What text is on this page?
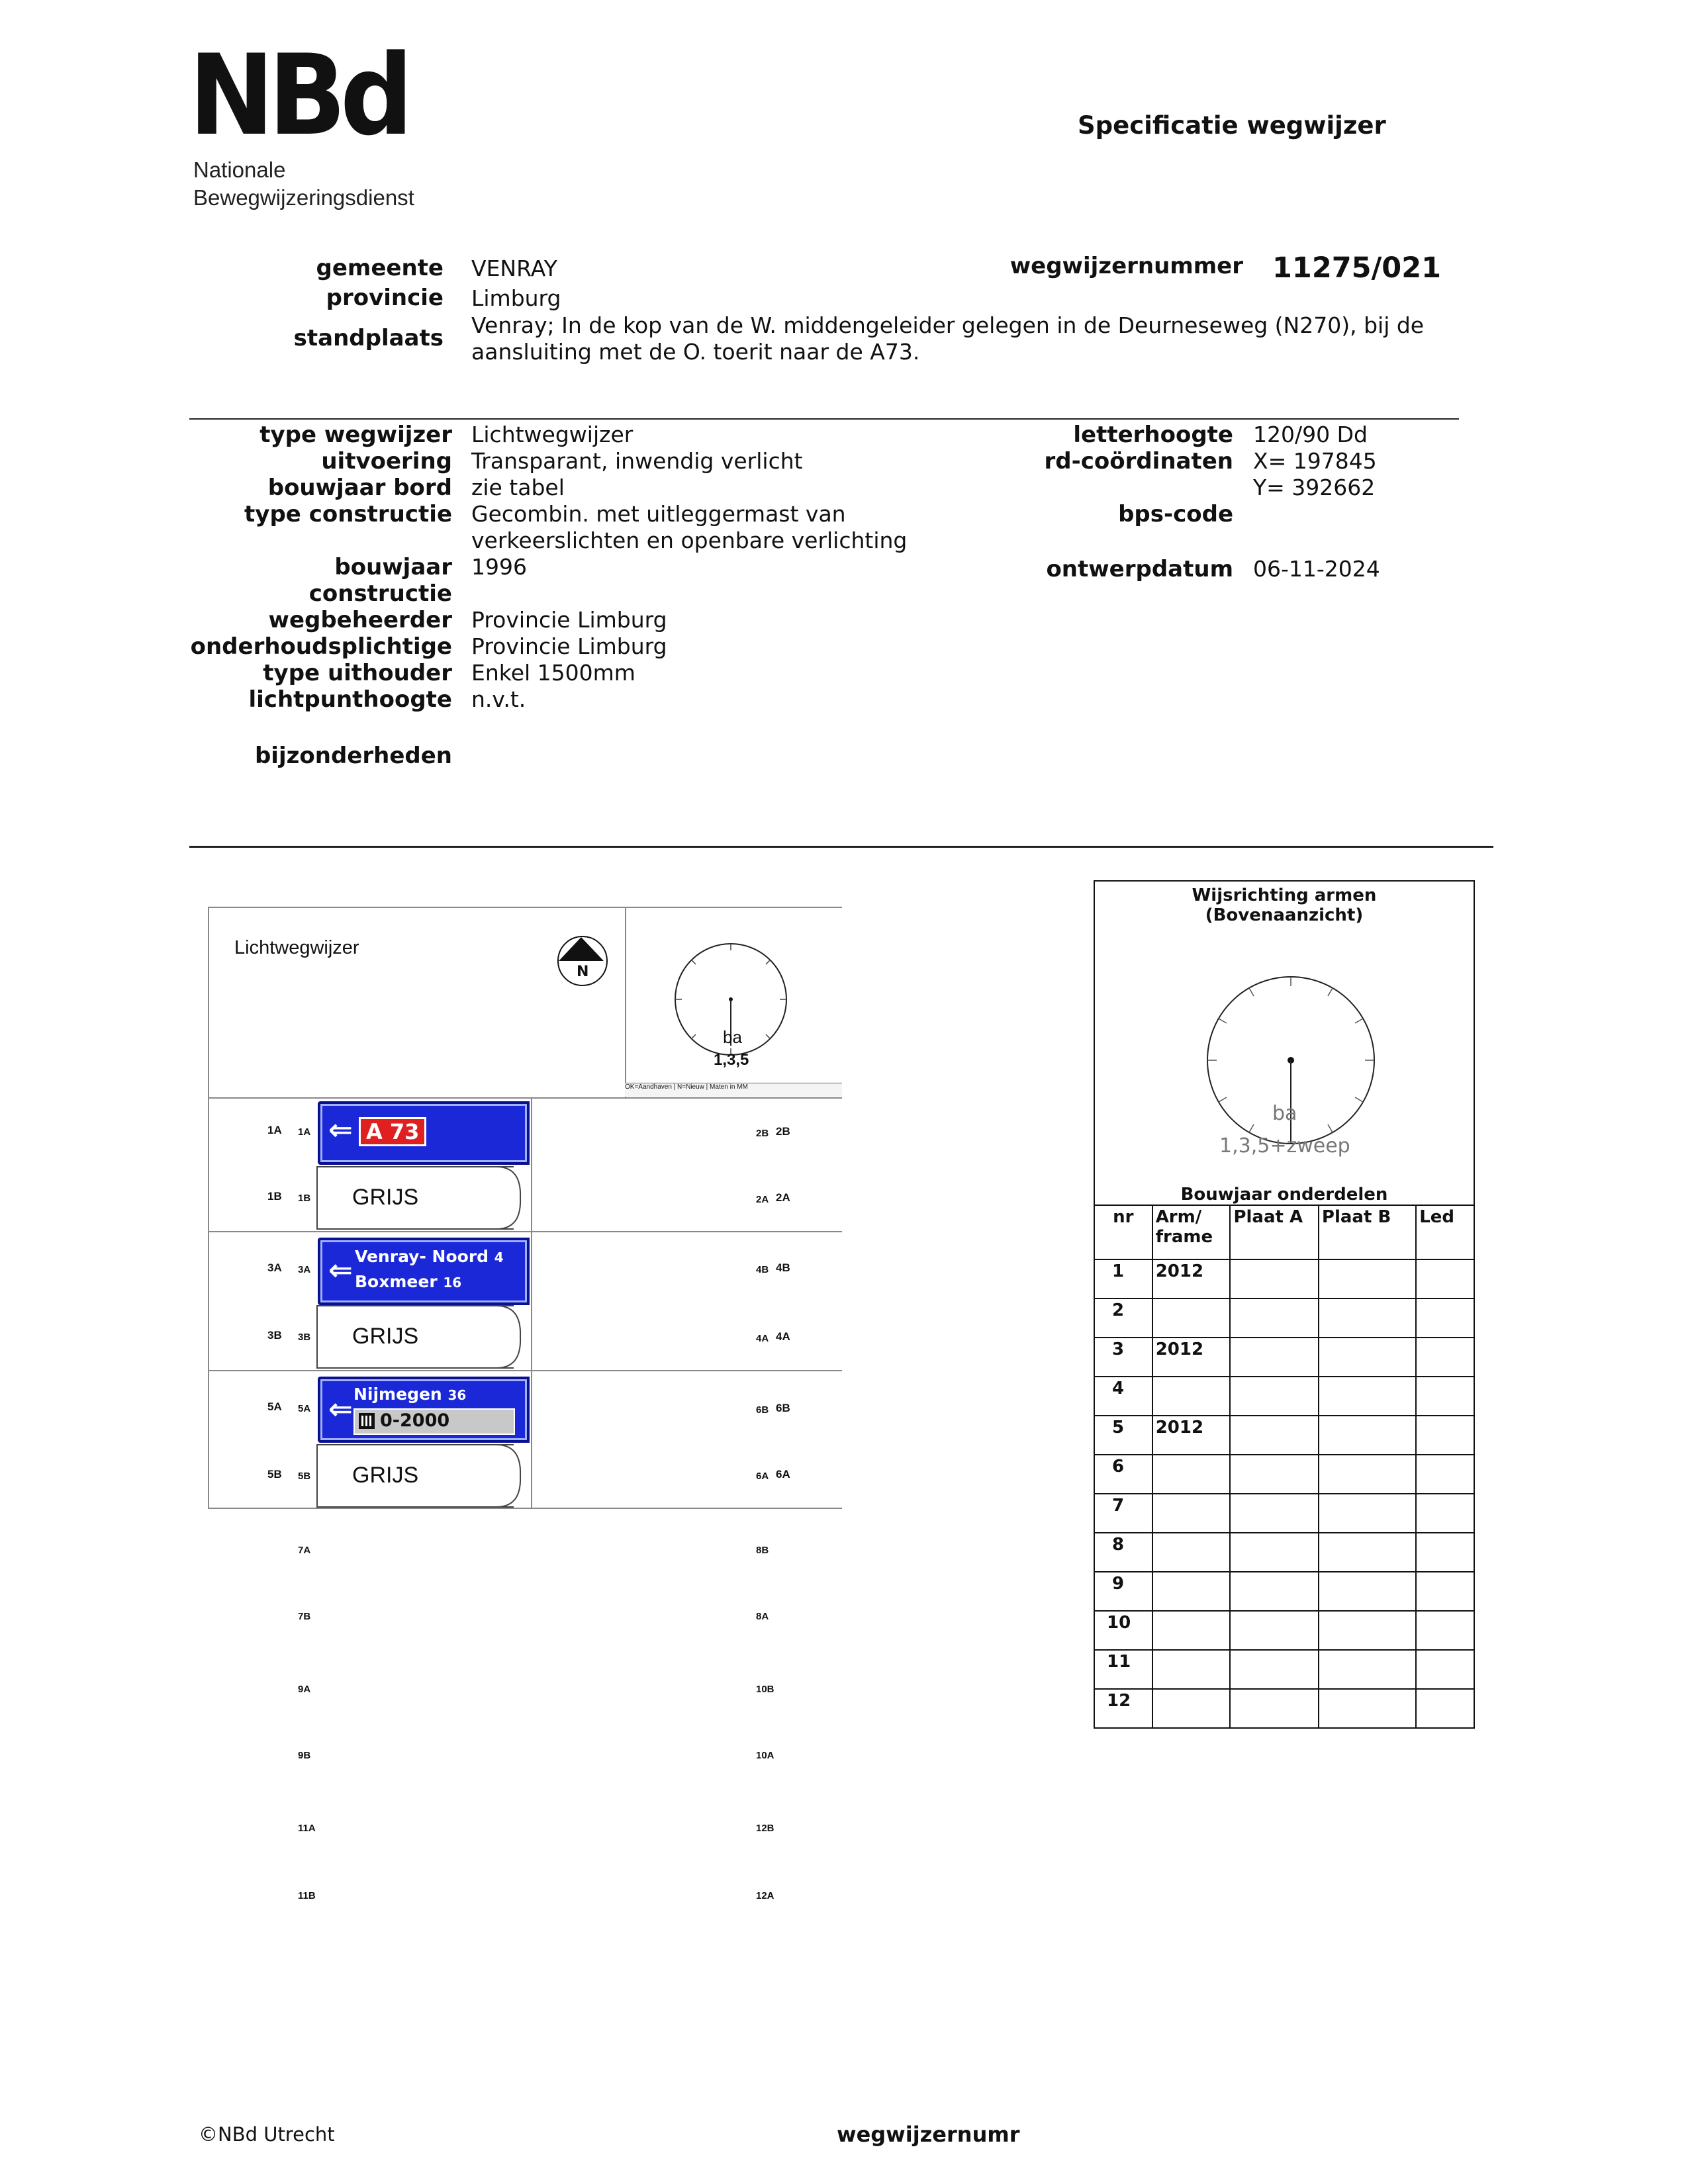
NBd
Nationale
Bewegwijzeringsdienst
Specificatie wegwijzer
gemeente VENRAY
provincie Limburg
standplaats Venray; In de kop van de W. middengeleider gelegen in de Deurneseweg (N270), bij de
aansluiting met de O. toerit naar de A73.
wegwijzernummer 11275/021
type wegwijzer Lichtwegwijzer
uitvoering Transparant, inwendig verlicht
bouwjaar bord zie tabel
type constructie Gecombin. met uitleggermast van
verkeerslichten en openbare verlichting
bouwjaar 1996
constructie
wegbeheerder Provincie Limburg
onderhoudsplichtige Provincie Limburg
type uithouder Enkel 1500mm
lichtpunthoogte n.v.t.
bijzonderheden
letterhoogte 120/90 Dd
rd-coördinaten X= 197845
Y= 392662
bps-code
ontwerpdatum 06-11-2024
Lichtwegwijzer
N
ba
1,3,5
OK=Aandhaven | N=Nieuw | Maten in MM
1A 1A ⇐ A 73
1B 1B GRIJS
2B 2B
2A 2A
3A 3A ⇐ Venray- Noord 4
Boxmeer 16
3B 3B GRIJS
4B 4B
4A 4A
5A 5A ⇐ Nijmegen 36
0-2000
5B 5B GRIJS
6B 6B
6A 6A
7A
7B
9A
9B
11A
11B
8B
8A
10B
10A
12B
12A
Wijsrichting armen
(Bovenaanzicht)
ba
1,3,5+zweep
Bouwjaar onderdelen
nr	Arm/ frame	Plaat A	Plaat B	Led
1	2012			
2				
3	2012			
4				
5	2012			
6				
7				
8				
9				
10				
11				
12				
©NBd Utrecht	wegwijzernumr
